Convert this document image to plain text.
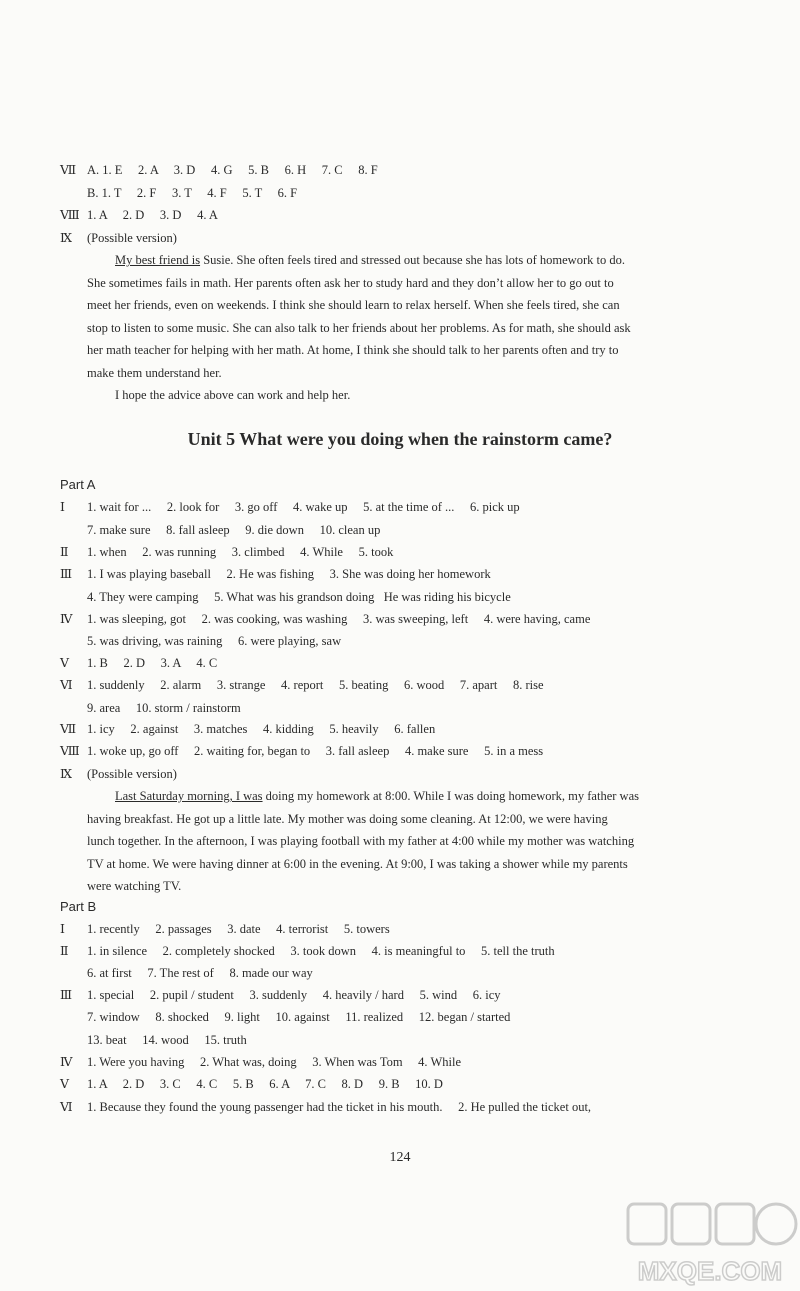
Ⅶ A. 1. E     2. A     3. D     4. G     5. B     6. H     7. C     8. F
B. 1. T     2. F     3. T     4. F     5. T     6. F
Ⅷ 1. A     2. D     3. D     4. A
Ⅸ (Possible version)
My best friend is Susie. She often feels tired and stressed out because she has lots of homework to do.
She sometimes fails in math. Her parents often ask her to study hard and they don’t allow her to go out to
meet her friends, even on weekends. I think she should learn to relax herself. When she feels tired, she can
stop to listen to some music. She can also talk to her friends about her problems. As for math, she should ask
her math teacher for helping with her math. At home, I think she should talk to her parents often and try to
make them understand her.
I hope the advice above can work and help her.
Unit 5 What were you doing when the rainstorm came?
Part A
Ⅰ 1. wait for ...     2. look for     3. go off     4. wake up     5. at the time of ...     6. pick up
7. make sure     8. fall asleep     9. die down     10. clean up
Ⅱ 1. when     2. was running     3. climbed     4. While     5. took
Ⅲ 1. I was playing baseball     2. He was fishing     3. She was doing her homework
4. They were camping     5. What was his grandson doing   He was riding his bicycle
Ⅳ 1. was sleeping, got     2. was cooking, was washing     3. was sweeping, left     4. were having, came
5. was driving, was raining     6. were playing, saw
Ⅴ 1. B     2. D     3. A     4. C
Ⅵ 1. suddenly     2. alarm     3. strange     4. report     5. beating     6. wood     7. apart     8. rise
9. area     10. storm / rainstorm
Ⅶ 1. icy     2. against     3. matches     4. kidding     5. heavily     6. fallen
Ⅷ 1. woke up, go off     2. waiting for, began to     3. fall asleep     4. make sure     5. in a mess
Ⅸ (Possible version)
Last Saturday morning, I was doing my homework at 8:00. While I was doing homework, my father was
having breakfast. He got up a little late. My mother was doing some cleaning. At 12:00, we were having
lunch together. In the afternoon, I was playing football with my father at 4:00 while my mother was watching
TV at home. We were having dinner at 6:00 in the evening. At 9:00, I was taking a shower while my parents
were watching TV.
Part B
Ⅰ 1. recently     2. passages     3. date     4. terrorist     5. towers
Ⅱ 1. in silence     2. completely shocked     3. took down     4. is meaningful to     5. tell the truth
6. at first     7. The rest of     8. made our way
Ⅲ 1. special     2. pupil / student     3. suddenly     4. heavily / hard     5. wind     6. icy
7. window     8. shocked     9. light     10. against     11. realized     12. began / started
13. beat     14. wood     15. truth
Ⅳ 1. Were you having     2. What was, doing     3. When was Tom     4. While
Ⅴ 1. A     2. D     3. C     4. C     5. B     6. A     7. C     8. D     9. B     10. D
Ⅵ 1. Because they found the young passenger had the ticket in his mouth.     2. He pulled the ticket out,
124
MXQE.COM
